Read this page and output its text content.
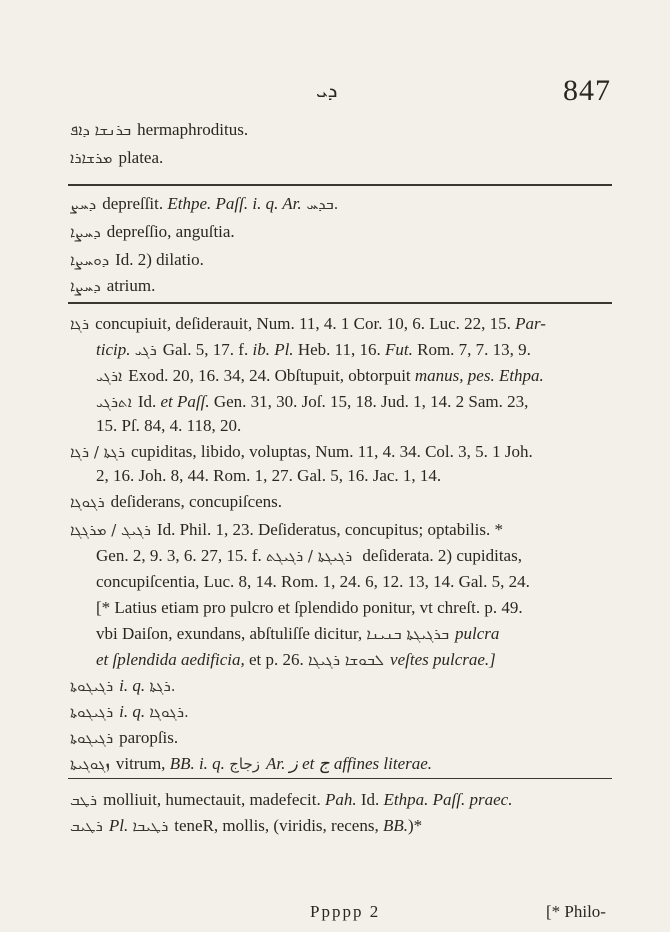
ܕܝ	847
ܒܪܢܫܐ ܕܐܦ hermaphroditus.
ܡܪܫܐܪܐ platea.
ܕܚܨ depreſſit. Ethpe. Paſſ. i. q. Ar. ܒܕܚ.
ܕܚܨܐ depreſſio, anguſtia.
ܕܘܚܨܐ Id. 2) dilatio.
ܕܚܨܐ atrium.
ܪܓܐ concupiuit, deſiderauit, Num. 11, 4. 1 Cor. 10, 6. Luc. 22, 15. Par-
ticip. ܪܓܝ Gal. 5, 17. f. ib. Pl. Heb. 11, 16. Fut. Rom. 7, 7. 13, 9.
ܐܪܓܝ Exod. 20, 16. 34, 24. Obſtupuit, obtorpuit manus, pes. Ethpa.
ܐܬܪܓܝ Id. et Paſſ. Gen. 31, 30. Joſ. 15, 18. Jud. 1, 14. 2 Sam. 23,
15. Pſ. 84, 4. 118, 20.
ܪܓܬܐ / ܪܓܐ cupiditas, libido, voluptas, Num. 11, 4. 34. Col. 3, 5. 1 Joh.
2, 16. Joh. 8, 44. Rom. 1, 27. Gal. 5, 16. Jac. 1, 14.
ܪܓܘܓܐ deſiderans, concupiſcens.
ܪܓܝܓ / ܡܪܓܓܐ Id. Phil. 1, 23. Deſideratus, concupitus; optabilis. *
Gen. 2, 9. 3, 6. 27, 15. f. ܪܓܝܓܬܐ / ܪܓܝܓܬ deſiderata. 2) cupiditas,
concupiſcentia, Luc. 8, 14. Rom. 1, 24. 6, 12. 13, 14. Gal. 5, 24.
[* Latius etiam pro pulcro et ſplendido ponitur, vt chreſt. p. 49.
vbi Daiſon, exundans, abſtuliſſe dicitur, ܒܪܓܝܓܬܐ ܒܢܝܢܐ pulcra
et ſplendida aedificia, et p. 26. ܠܒܘܫܐ ܪܓܝܓܐ veſtes pulcrae.]
ܪܓܝܓܘܬܐ i. q. ܪܓܬܐ.
ܪܓܝܓܘܬܐ i. q. ܪܓܘܓܐ.
ܪܓܝܓܘܬܐ paropſis.
ܙܓܘܓܝܬܐ vitrum, BB. i. q. زجاج Ar. ز et ج affines literae.
ܪܛܒ molliuit, humectauit, madefecit. Pah. Id. Ethpa. Paſſ. praec.
ܪܛܝܒ Pl. ܪܛܝܒܐ teneR, mollis, (viridis, recens, BB.)*
Ppppp 2	[* Philo-
